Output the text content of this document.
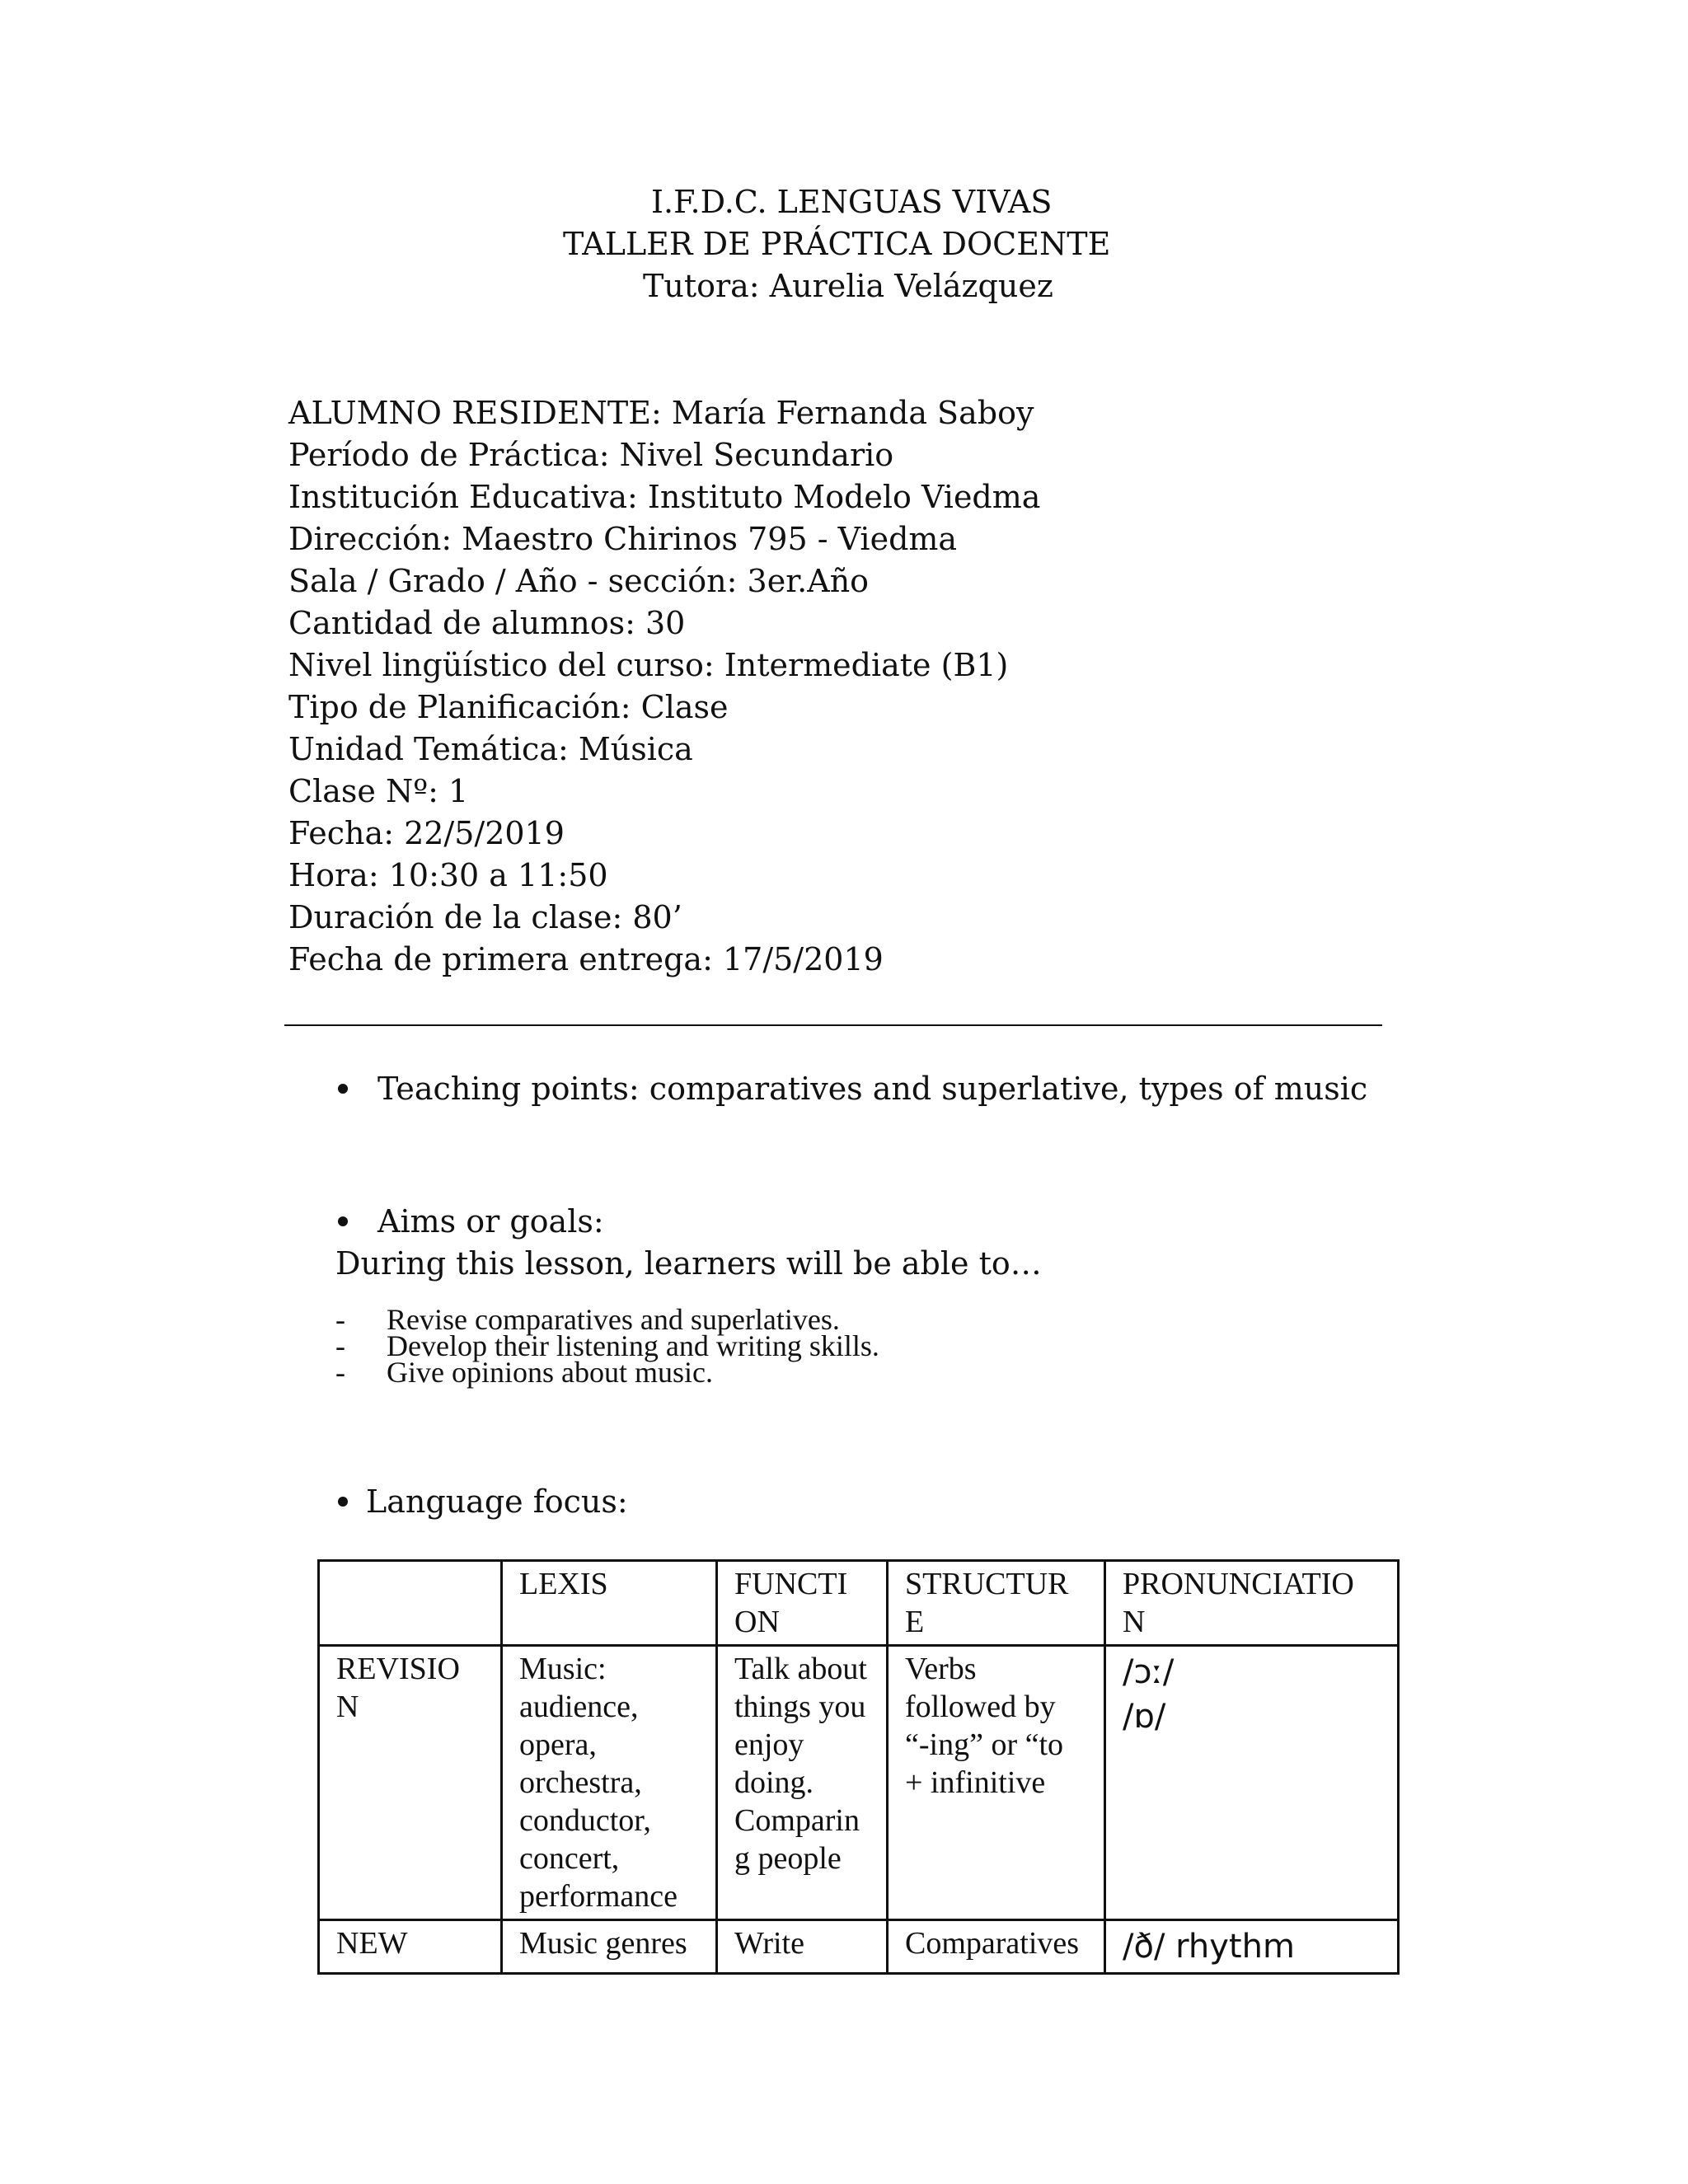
I.F.D.C. LENGUAS VIVAS
TALLER DE PRÁCTICA DOCENTE
Tutora: Aurelia Velázquez
ALUMNO RESIDENTE: María Fernanda Saboy
Período de Práctica: Nivel Secundario
Institución Educativa: Instituto Modelo Viedma
Dirección: Maestro Chirinos 795 - Viedma
Sala / Grado / Año - sección: 3er.Año
Cantidad de alumnos: 30
Nivel lingüístico del curso: Intermediate (B1)
Tipo de Planificación: Clase
Unidad Temática: Música
Clase Nº: 1
Fecha: 22/5/2019
Hora: 10:30 a 11:50
Duración de la clase: 80’
Fecha de primera entrega: 17/5/2019
Teaching points: comparatives and superlative, types of music
Aims or goals:
During this lesson, learners will be able to…
- Revise comparatives and superlatives.
- Develop their listening and writing skills.
- Give opinions about music.
Language focus:
	LEXIS	FUNCTI ON	STRUCTUR E	PRONUNCIATIO N
REVISIO N	Music: audience, opera, orchestra, conductor, concert, performance	Talk about things you enjoy doing. Comparin g people	Verbs followed by “-ing” or “to + infinitive	/ɔː/
/ɒ/

NEW	Music genres	Write	Comparatives	/ð/ rhythm
